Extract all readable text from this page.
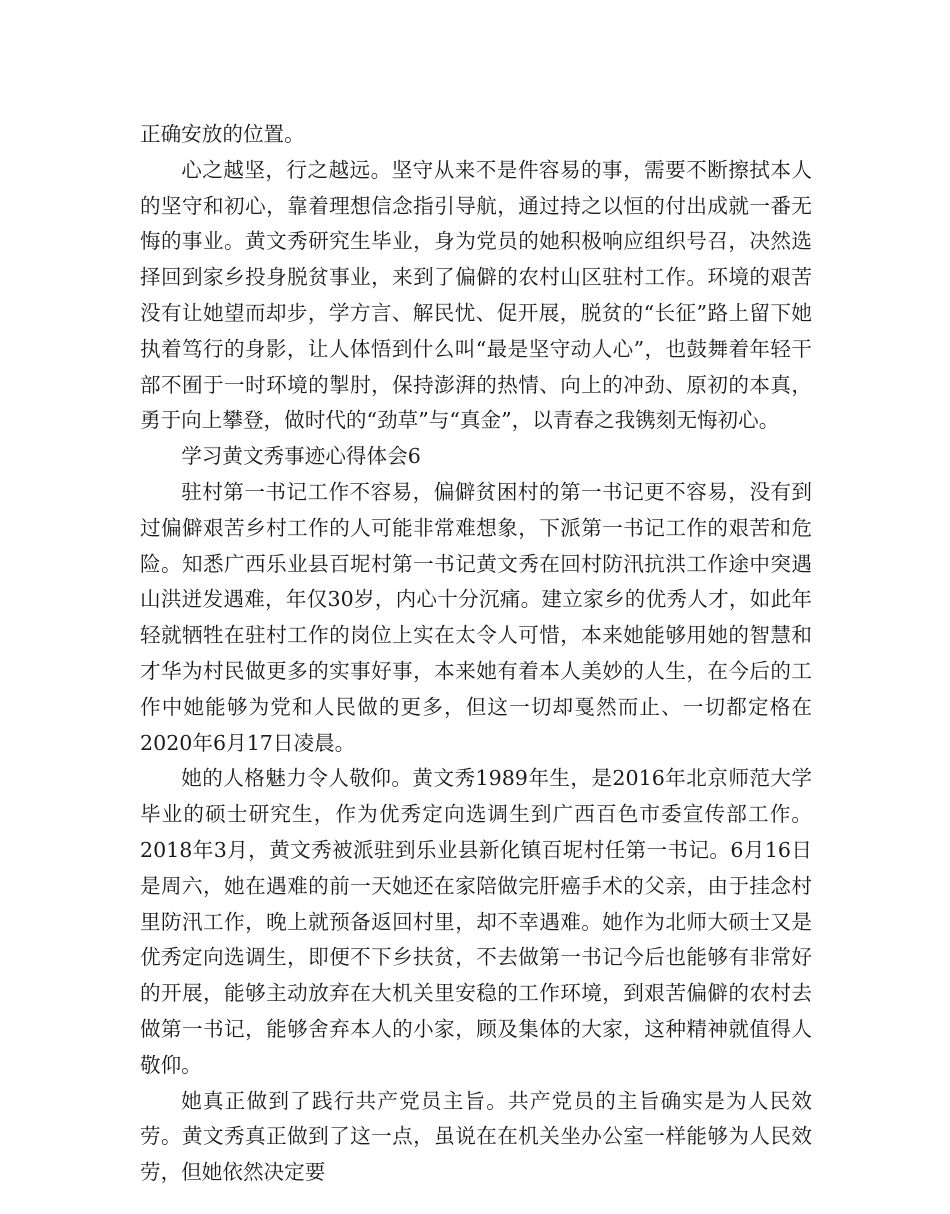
正确安放的位置。

心之越坚，行之越远。坚守从来不是件容易的事，需要不断擦拭本人的坚守和初心，靠着理想信念指引导航，通过持之以恒的付出成就一番无悔的事业。黄文秀研究生毕业，身为党员的她积极响应组织号召，决然选择回到家乡投身脱贫事业，来到了偏僻的农村山区驻村工作。环境的艰苦没有让她望而却步，学方言、解民忧、促开展，脱贫的“长征”路上留下她执着笃行的身影，让人体悟到什么叫“最是坚守动人心”，也鼓舞着年轻干部不囿于一时环境的掣肘，保持澎湃的热情、向上的冲劲、原初的本真，勇于向上攀登，做时代的“劲草”与“真金”，以青春之我镌刻无悔初心。

学习黄文秀事迹心得体会6

驻村第一书记工作不容易，偏僻贫困村的第一书记更不容易，没有到过偏僻艰苦乡村工作的人可能非常难想象，下派第一书记工作的艰苦和危险。知悉广西乐业县百坭村第一书记黄文秀在回村防汛抗洪工作途中突遇山洪迸发遇难，年仅30岁，内心十分沉痛。建立家乡的优秀人才，如此年轻就牺牲在驻村工作的岗位上实在太令人可惜，本来她能够用她的智慧和才华为村民做更多的实事好事，本来她有着本人美妙的人生，在今后的工作中她能够为党和人民做的更多，但这一切却戛然而止、一切都定格在2020年6月17日凌晨。

她的人格魅力令人敬仰。黄文秀1989年生，是2016年北京师范大学毕业的硕士研究生，作为优秀定向选调生到广西百色市委宣传部工作。2018年3月，黄文秀被派驻到乐业县新化镇百坭村任第一书记。6月16日是周六，她在遇难的前一天她还在家陪做完肝癌手术的父亲，由于挂念村里防汛工作，晚上就预备返回村里，却不幸遇难。她作为北师大硕士又是优秀定向选调生，即便不下乡扶贫，不去做第一书记今后也能够有非常好的开展，能够主动放弃在大机关里安稳的工作环境，到艰苦偏僻的农村去做第一书记，能够舍弃本人的小家，顾及集体的大家，这种精神就值得人敬仰。

她真正做到了践行共产党员主旨。共产党员的主旨确实是为人民效劳。黄文秀真正做到了这一点，虽说在在机关坐办公室一样能够为人民效劳，但她依然决定要
